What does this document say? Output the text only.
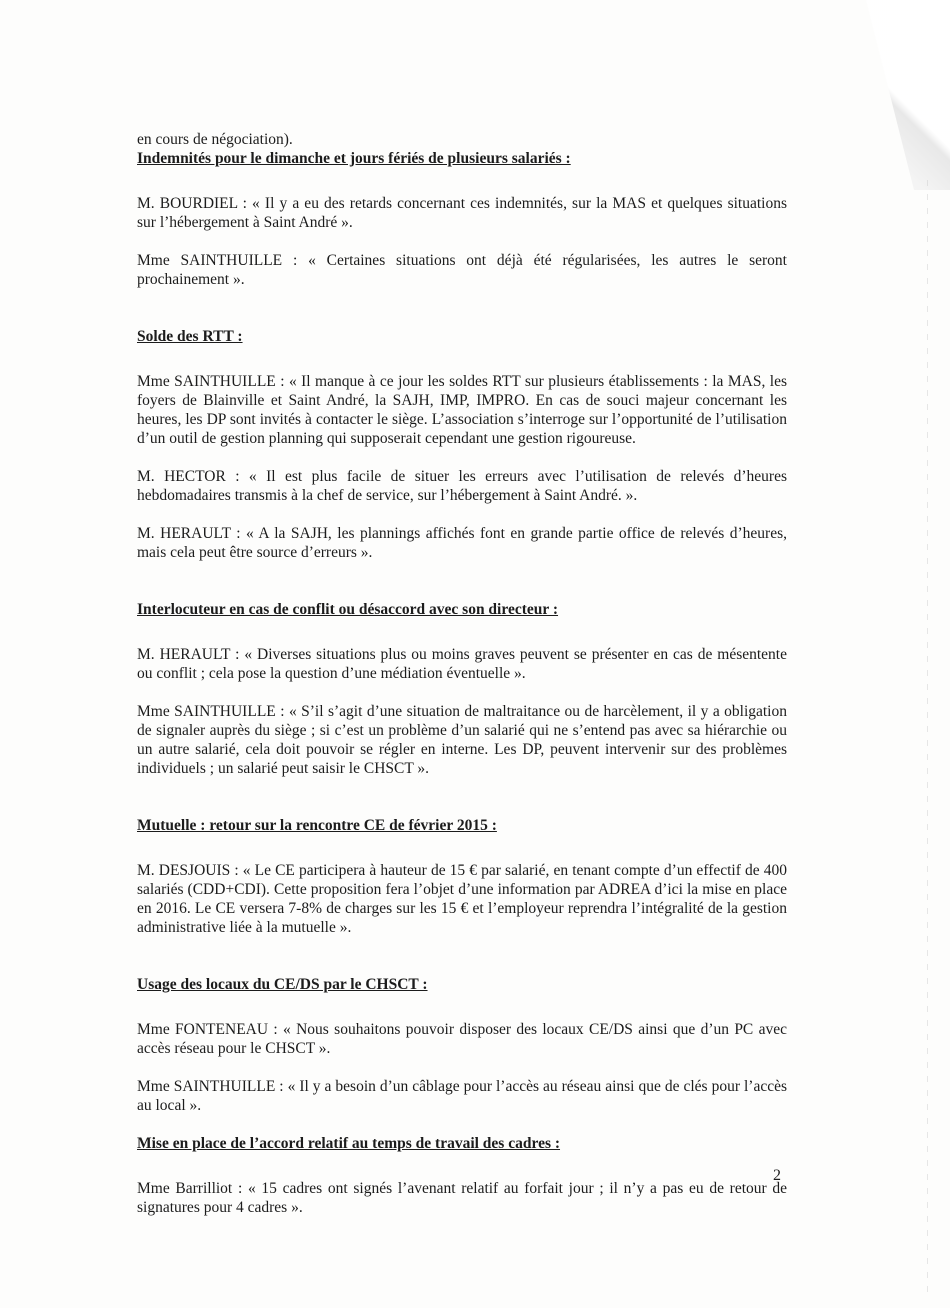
en cours de négociation).

Indemnités pour le dimanche et jours fériés de plusieurs salariés :

M. BOURDIEL : « Il y a eu des retards concernant ces indemnités, sur la MAS et quelques situations sur l’hébergement à Saint André ».

Mme SAINTHUILLE : « Certaines situations ont déjà été régularisées, les autres le seront prochainement ».

Solde des RTT :

Mme SAINTHUILLE : « Il manque à ce jour les soldes RTT sur plusieurs établissements : la MAS, les foyers de Blainville et Saint André, la SAJH, IMP, IMPRO. En cas de souci majeur concernant les heures, les DP sont invités à contacter le siège. L’association s’interroge sur l’opportunité de l’utilisation d’un outil de gestion planning qui supposerait cependant une gestion rigoureuse.

M. HECTOR : « Il est plus facile de situer les erreurs avec l’utilisation de relevés d’heures hebdomadaires transmis à la chef de service, sur l’hébergement à Saint André. ».

M. HERAULT : « A la SAJH, les plannings affichés font en grande partie office de relevés d’heures, mais cela peut être source d’erreurs ».

Interlocuteur en cas de conflit ou désaccord avec son directeur :

M. HERAULT : « Diverses situations plus ou moins graves peuvent se présenter en cas de mésentente ou conflit ; cela pose la question d’une médiation éventuelle ».

Mme SAINTHUILLE : « S’il s’agit d’une situation de maltraitance ou de harcèlement, il y a obligation de signaler auprès du siège ; si c’est un problème d’un salarié qui ne s’entend pas avec sa hiérarchie ou un autre salarié, cela doit pouvoir se régler en interne. Les DP, peuvent intervenir sur des problèmes individuels ; un salarié peut saisir le CHSCT ».

Mutuelle : retour sur la rencontre CE de février 2015 :

M. DESJOUIS : « Le CE participera à hauteur de 15 € par salarié, en tenant compte d’un effectif de 400 salariés (CDD+CDI). Cette proposition fera l’objet d’une information par ADREA d’ici la mise en place en 2016. Le CE versera 7-8% de charges sur les 15 € et l’employeur reprendra l’intégralité de la gestion administrative liée à la mutuelle ».

Usage des locaux du CE/DS par le CHSCT :

Mme FONTENEAU : « Nous souhaitons pouvoir disposer des locaux CE/DS ainsi que d’un PC avec accès réseau pour le CHSCT ».

Mme SAINTHUILLE : « Il y a besoin d’un câblage pour l’accès au réseau ainsi que de clés pour l’accès au local ».

Mise en place de l’accord relatif au temps de travail des cadres :

Mme Barrilliot : « 15 cadres ont signés l’avenant relatif au forfait jour ; il n’y a pas eu de retour de signatures pour 4 cadres ».

2
